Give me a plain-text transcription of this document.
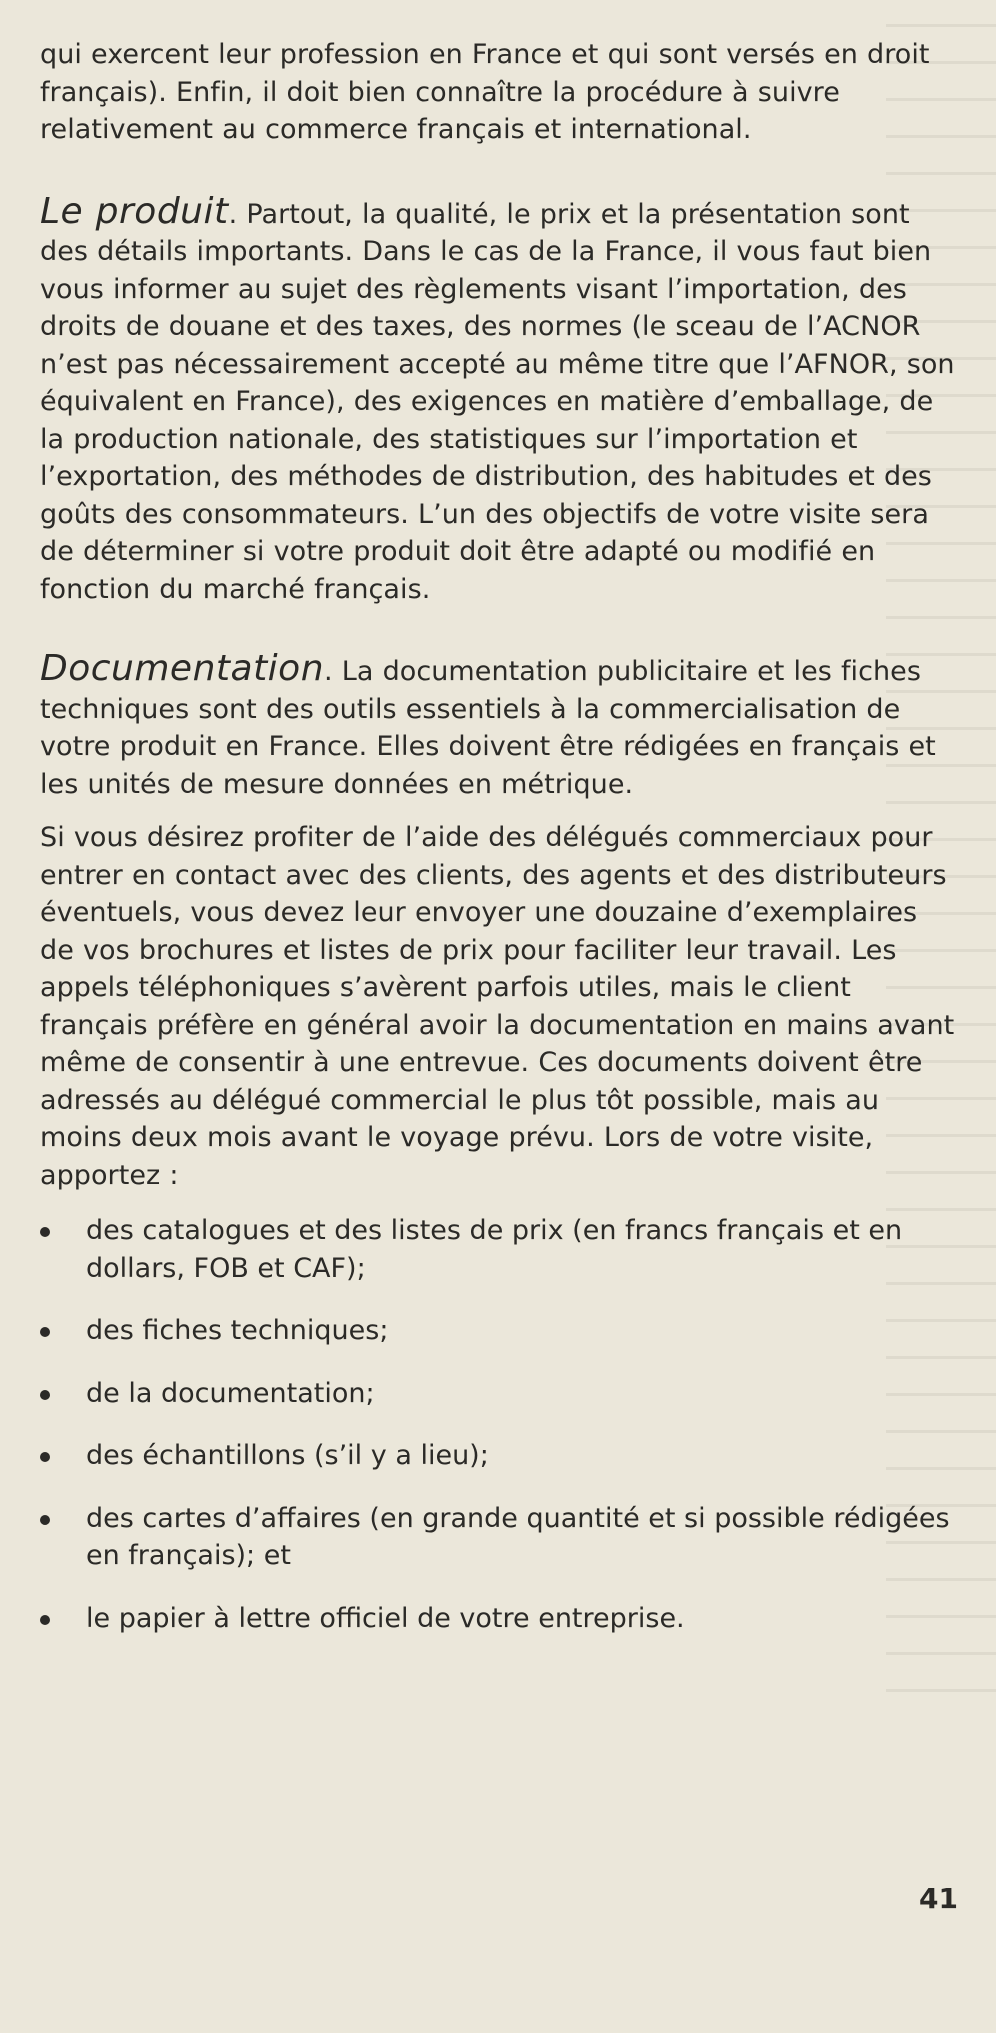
qui exercent leur profession en France et qui sont versés en droit français). Enfin, il doit bien connaître la procédure à suivre relativement au commerce français et international.

Le produit. Partout, la qualité, le prix et la présentation sont des détails importants. Dans le cas de la France, il vous faut bien vous informer au sujet des règlements visant l’importation, des droits de douane et des taxes, des normes (le sceau de l’ACNOR n’est pas nécessairement accepté au même titre que l’AFNOR, son équivalent en France), des exigences en matière d’emballage, de la production nationale, des statistiques sur l’importation et l’exportation, des méthodes de distribution, des habitudes et des goûts des consommateurs. L’un des objectifs de votre visite sera de déterminer si votre produit doit être adapté ou modifié en fonction du marché français.

Documentation. La documentation publicitaire et les fiches techniques sont des outils essentiels à la commercialisation de votre produit en France. Elles doivent être rédigées en français et les unités de mesure données en métrique.

Si vous désirez profiter de l’aide des délégués commerciaux pour entrer en contact avec des clients, des agents et des distributeurs éventuels, vous devez leur envoyer une douzaine d’exemplaires de vos brochures et listes de prix pour faciliter leur travail. Les appels téléphoniques s’avèrent parfois utiles, mais le client français préfère en général avoir la documentation en mains avant même de consentir à une entrevue. Ces documents doivent être adressés au délégué commercial le plus tôt possible, mais au moins deux mois avant le voyage prévu. Lors de votre visite, apportez :

des catalogues et des listes de prix (en francs français et en dollars, FOB et CAF);
des fiches techniques;
de la documentation;
des échantillons (s’il y a lieu);
des cartes d’affaires (en grande quantité et si possible rédigées en français); et
le papier à lettre officiel de votre entreprise.
41
